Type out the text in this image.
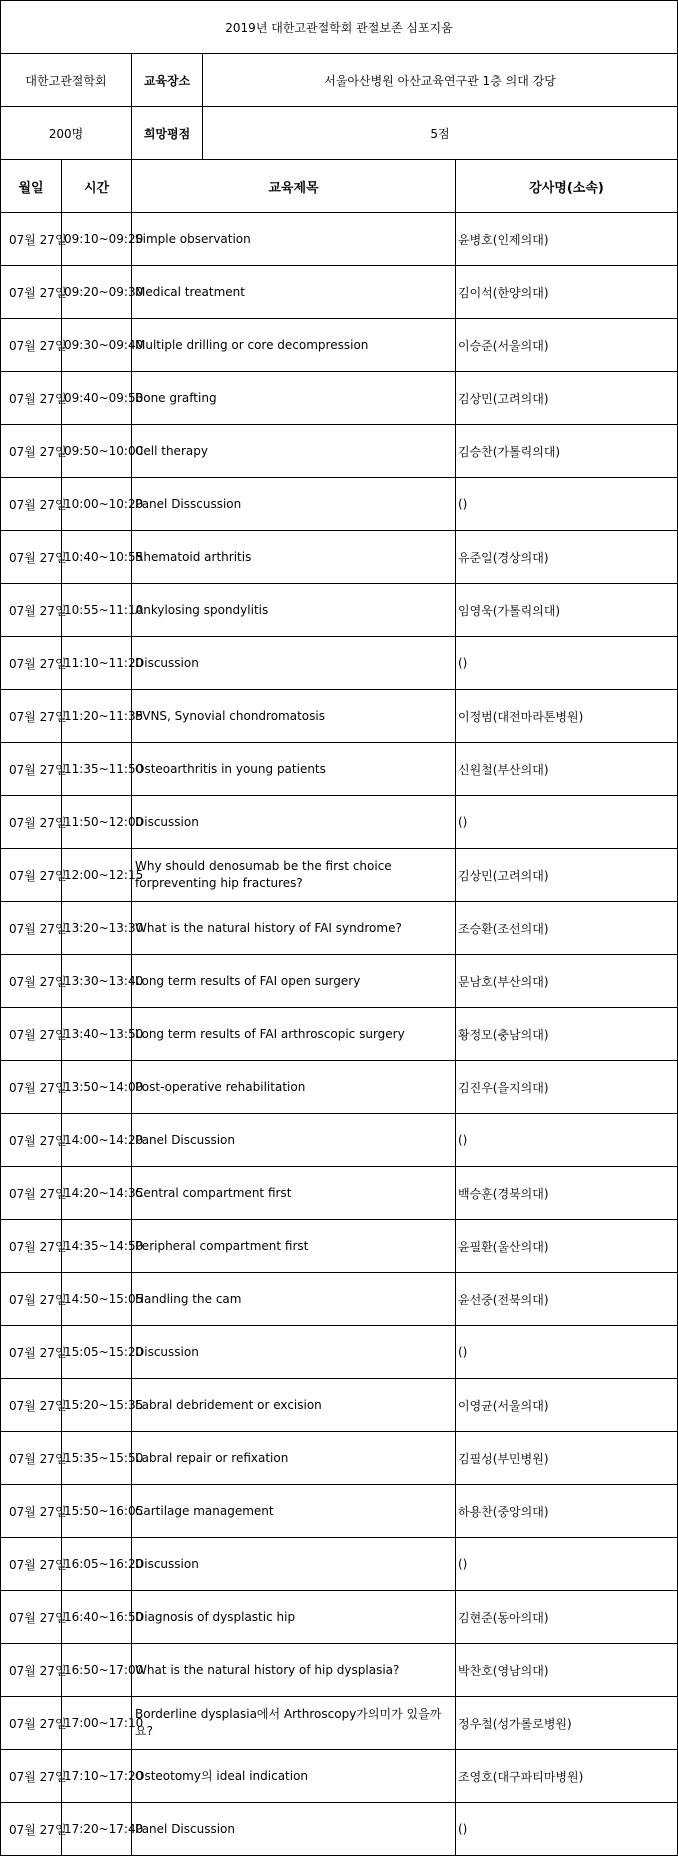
2019년 대한고관절학회 관절보존 심포지움			
대한고관절학회		교육장소 서울아산병원 아산교육연구관 1층 의대 강당	

200명		희망평점 5점	

월일	시간	교육제목	강사명(소속)
07월 27일	09:10~09:20	Simple observation	윤병호(인제의대)
07월 27일	09:20~09:30	Medical treatment	김이석(한양의대)
07월 27일	09:30~09:40	Multiple drilling or core decompression	이승준(서울의대)
07월 27일	09:40~09:50	Bone grafting	김상민(고려의대)
07월 27일	09:50~10:00	Cell therapy	김승찬(가톨릭의대)
07월 27일	10:00~10:20	Panel Disscussion	()
07월 27일	10:40~10:55	Rhematoid arthritis	유준일(경상의대)
07월 27일	10:55~11:10	Ankylosing spondylitis	임영욱(가톨릭의대)
07월 27일	11:10~11:20	Discussion	()
07월 27일	11:20~11:35	PVNS, Synovial chondromatosis	이정범(대전마라톤병원)
07월 27일	11:35~11:50	Osteoarthritis in young patients	신원철(부산의대)
07월 27일	11:50~12:00	Discussion	()
07월 27일	12:00~12:15	Why should denosumab be the first choice forpreventing hip fractures?	김상민(고려의대)
07월 27일	13:20~13:30	What is the natural history of FAI syndrome?	조승환(조선의대)
07월 27일	13:30~13:40	Long term results of FAI open surgery	문남호(부산의대)
07월 27일	13:40~13:50	Long term results of FAI arthroscopic surgery	황정모(충남의대)
07월 27일	13:50~14:00	Post-operative rehabilitation	김진우(을지의대)
07월 27일	14:00~14:20	Panel Discussion	()
07월 27일	14:20~14:35	Central compartment first	백승훈(경북의대)
07월 27일	14:35~14:50	Peripheral compartment first	윤필환(울산의대)
07월 27일	14:50~15:05	Handling the cam	윤선중(전북의대)
07월 27일	15:05~15:20	Discussion	()
07월 27일	15:20~15:35	Labral debridement or excision	이영균(서울의대)
07월 27일	15:35~15:50	Labral repair or refixation	김필성(부민병원)
07월 27일	15:50~16:05	Cartilage management	하용찬(중앙의대)
07월 27일	16:05~16:20	Discussion	()
07월 27일	16:40~16:50	Diagnosis of dysplastic hip	김현준(동아의대)
07월 27일	16:50~17:00	What is the natural history of hip dysplasia?	박찬호(영남의대)
07월 27일	17:00~17:10	Borderline dysplasia에서 Arthroscopy가의미가 있을까요?	정우철(성가롤로병원)
07월 27일	17:10~17:20	Osteotomy의 ideal indication	조영호(대구파티마병원)
07월 27일	17:20~17:40	Panel Discussion	()
